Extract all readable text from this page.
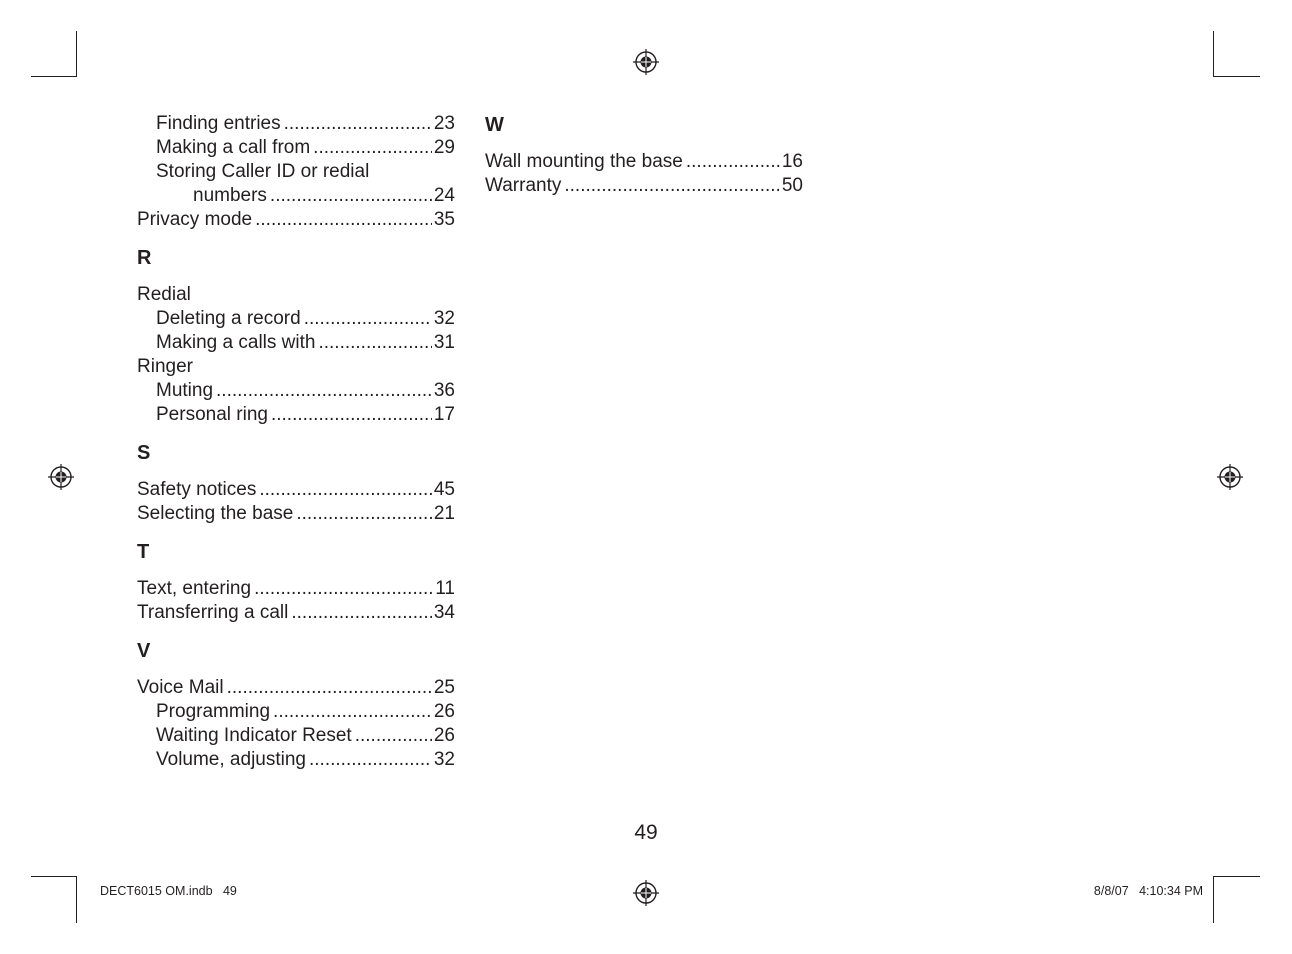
Finding entries .....	23
Making a call from .....	29
Storing Caller ID or redial
numbers .....	24
Privacy mode .....	35
R
Redial
Deleting a record .....	32
Making a calls with .....	31
Ringer
Muting .....	36
Personal ring .....	17
S
Safety notices .....	45
Selecting the base .....	21
T
Text, entering .....	11
Transferring a call .....	34
V
Voice Mail .....	25
Programming .....	26
Waiting Indicator Reset .....	26
Volume, adjusting .....	32
W
Wall mounting the base .....	16
Warranty .....	50
49
DECT6015 OM.indb   49	8/8/07   4:10:34 PM
